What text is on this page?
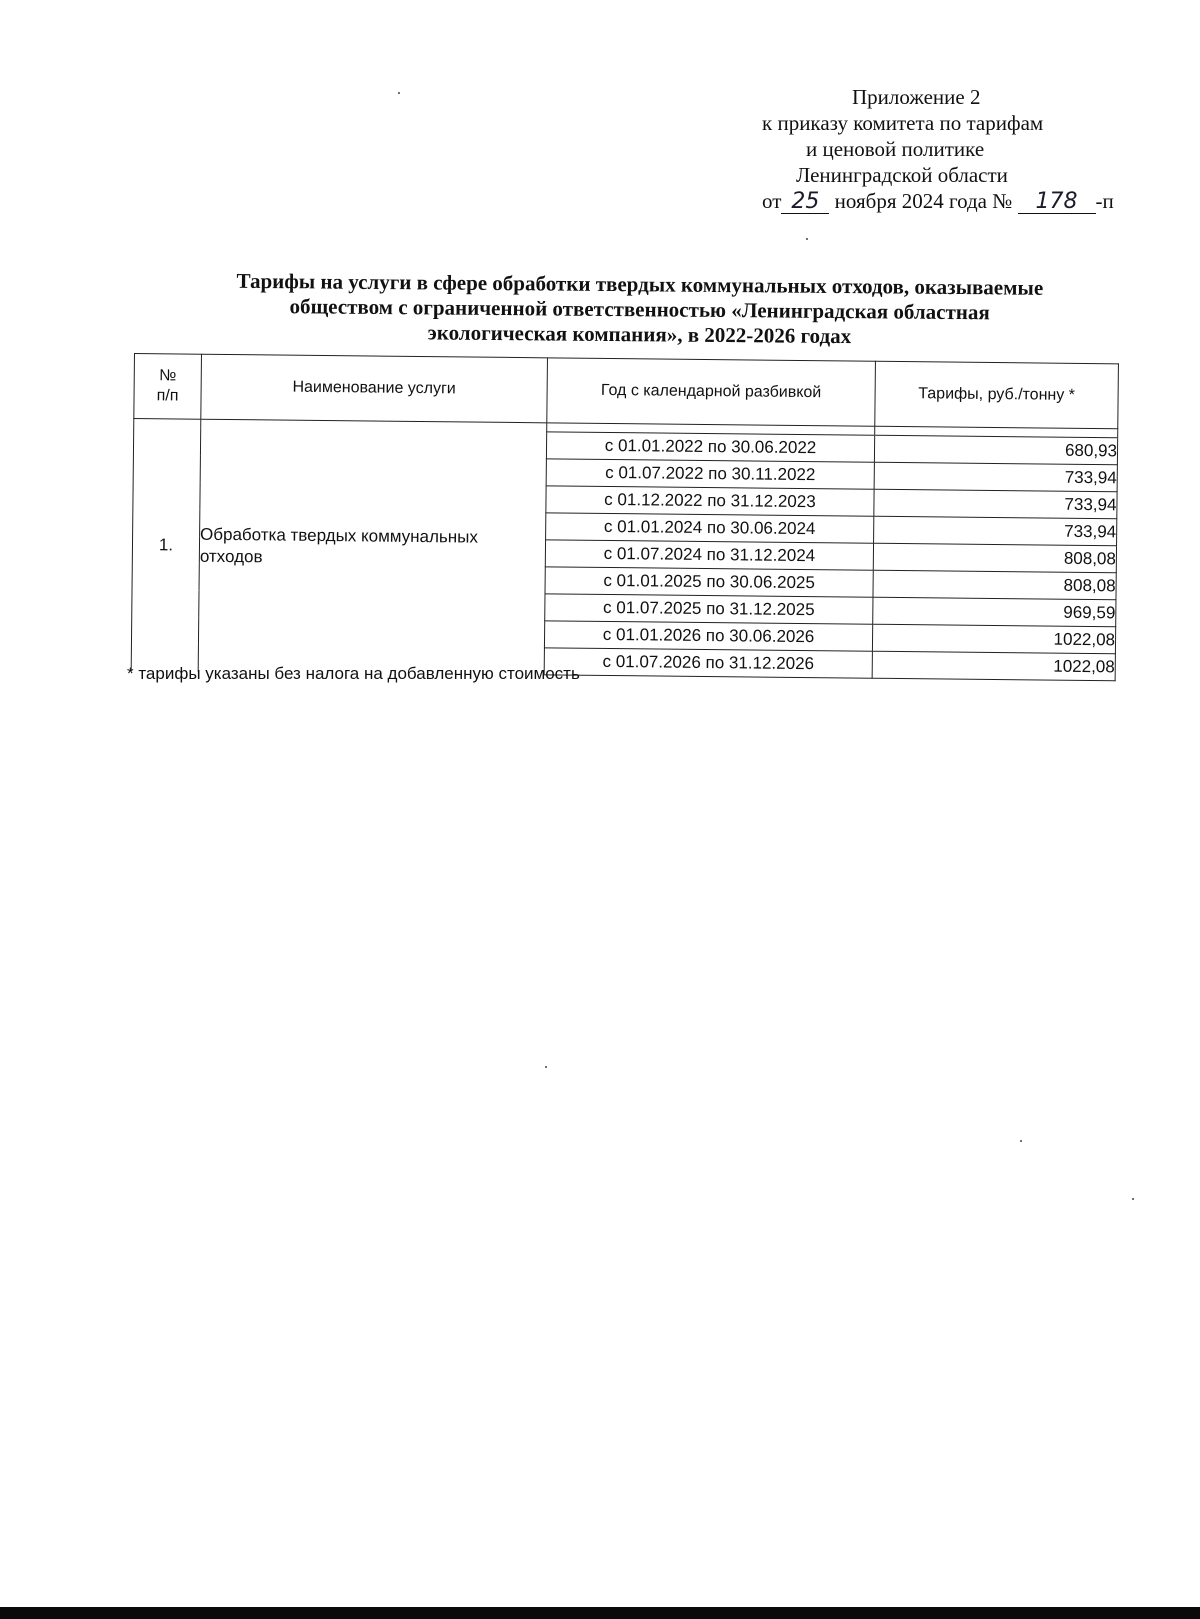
Приложение 2
к приказу комитета по тарифам
и ценовой политике
Ленинградской области
от 25 ноября 2024 года № 178 -п
Тарифы на услуги в сфере обработки твердых коммунальных отходов, оказываемые
обществом с ограниченной ответственностью «Ленинградская областная
экологическая компания», в 2022-2026 годах
№
п/п	Наименование услуги	Год с календарной разбивкой	Тарифы, руб./тонну *
1.	Обработка твердых коммунальных отходов		
		с 01.01.2022 по 30.06.2022	680,93
		с 01.07.2022 по 30.11.2022	733,94
		с 01.12.2022 по 31.12.2023	733,94
		с 01.01.2024 по 30.06.2024	733,94
		с 01.07.2024 по 31.12.2024	808,08
		с 01.01.2025 по 30.06.2025	808,08
		с 01.07.2025 по 31.12.2025	969,59
		с 01.01.2026 по 30.06.2026	1022,08
		с 01.07.2026 по 31.12.2026	1022,08
* тарифы указаны без налога на добавленную стоимость
